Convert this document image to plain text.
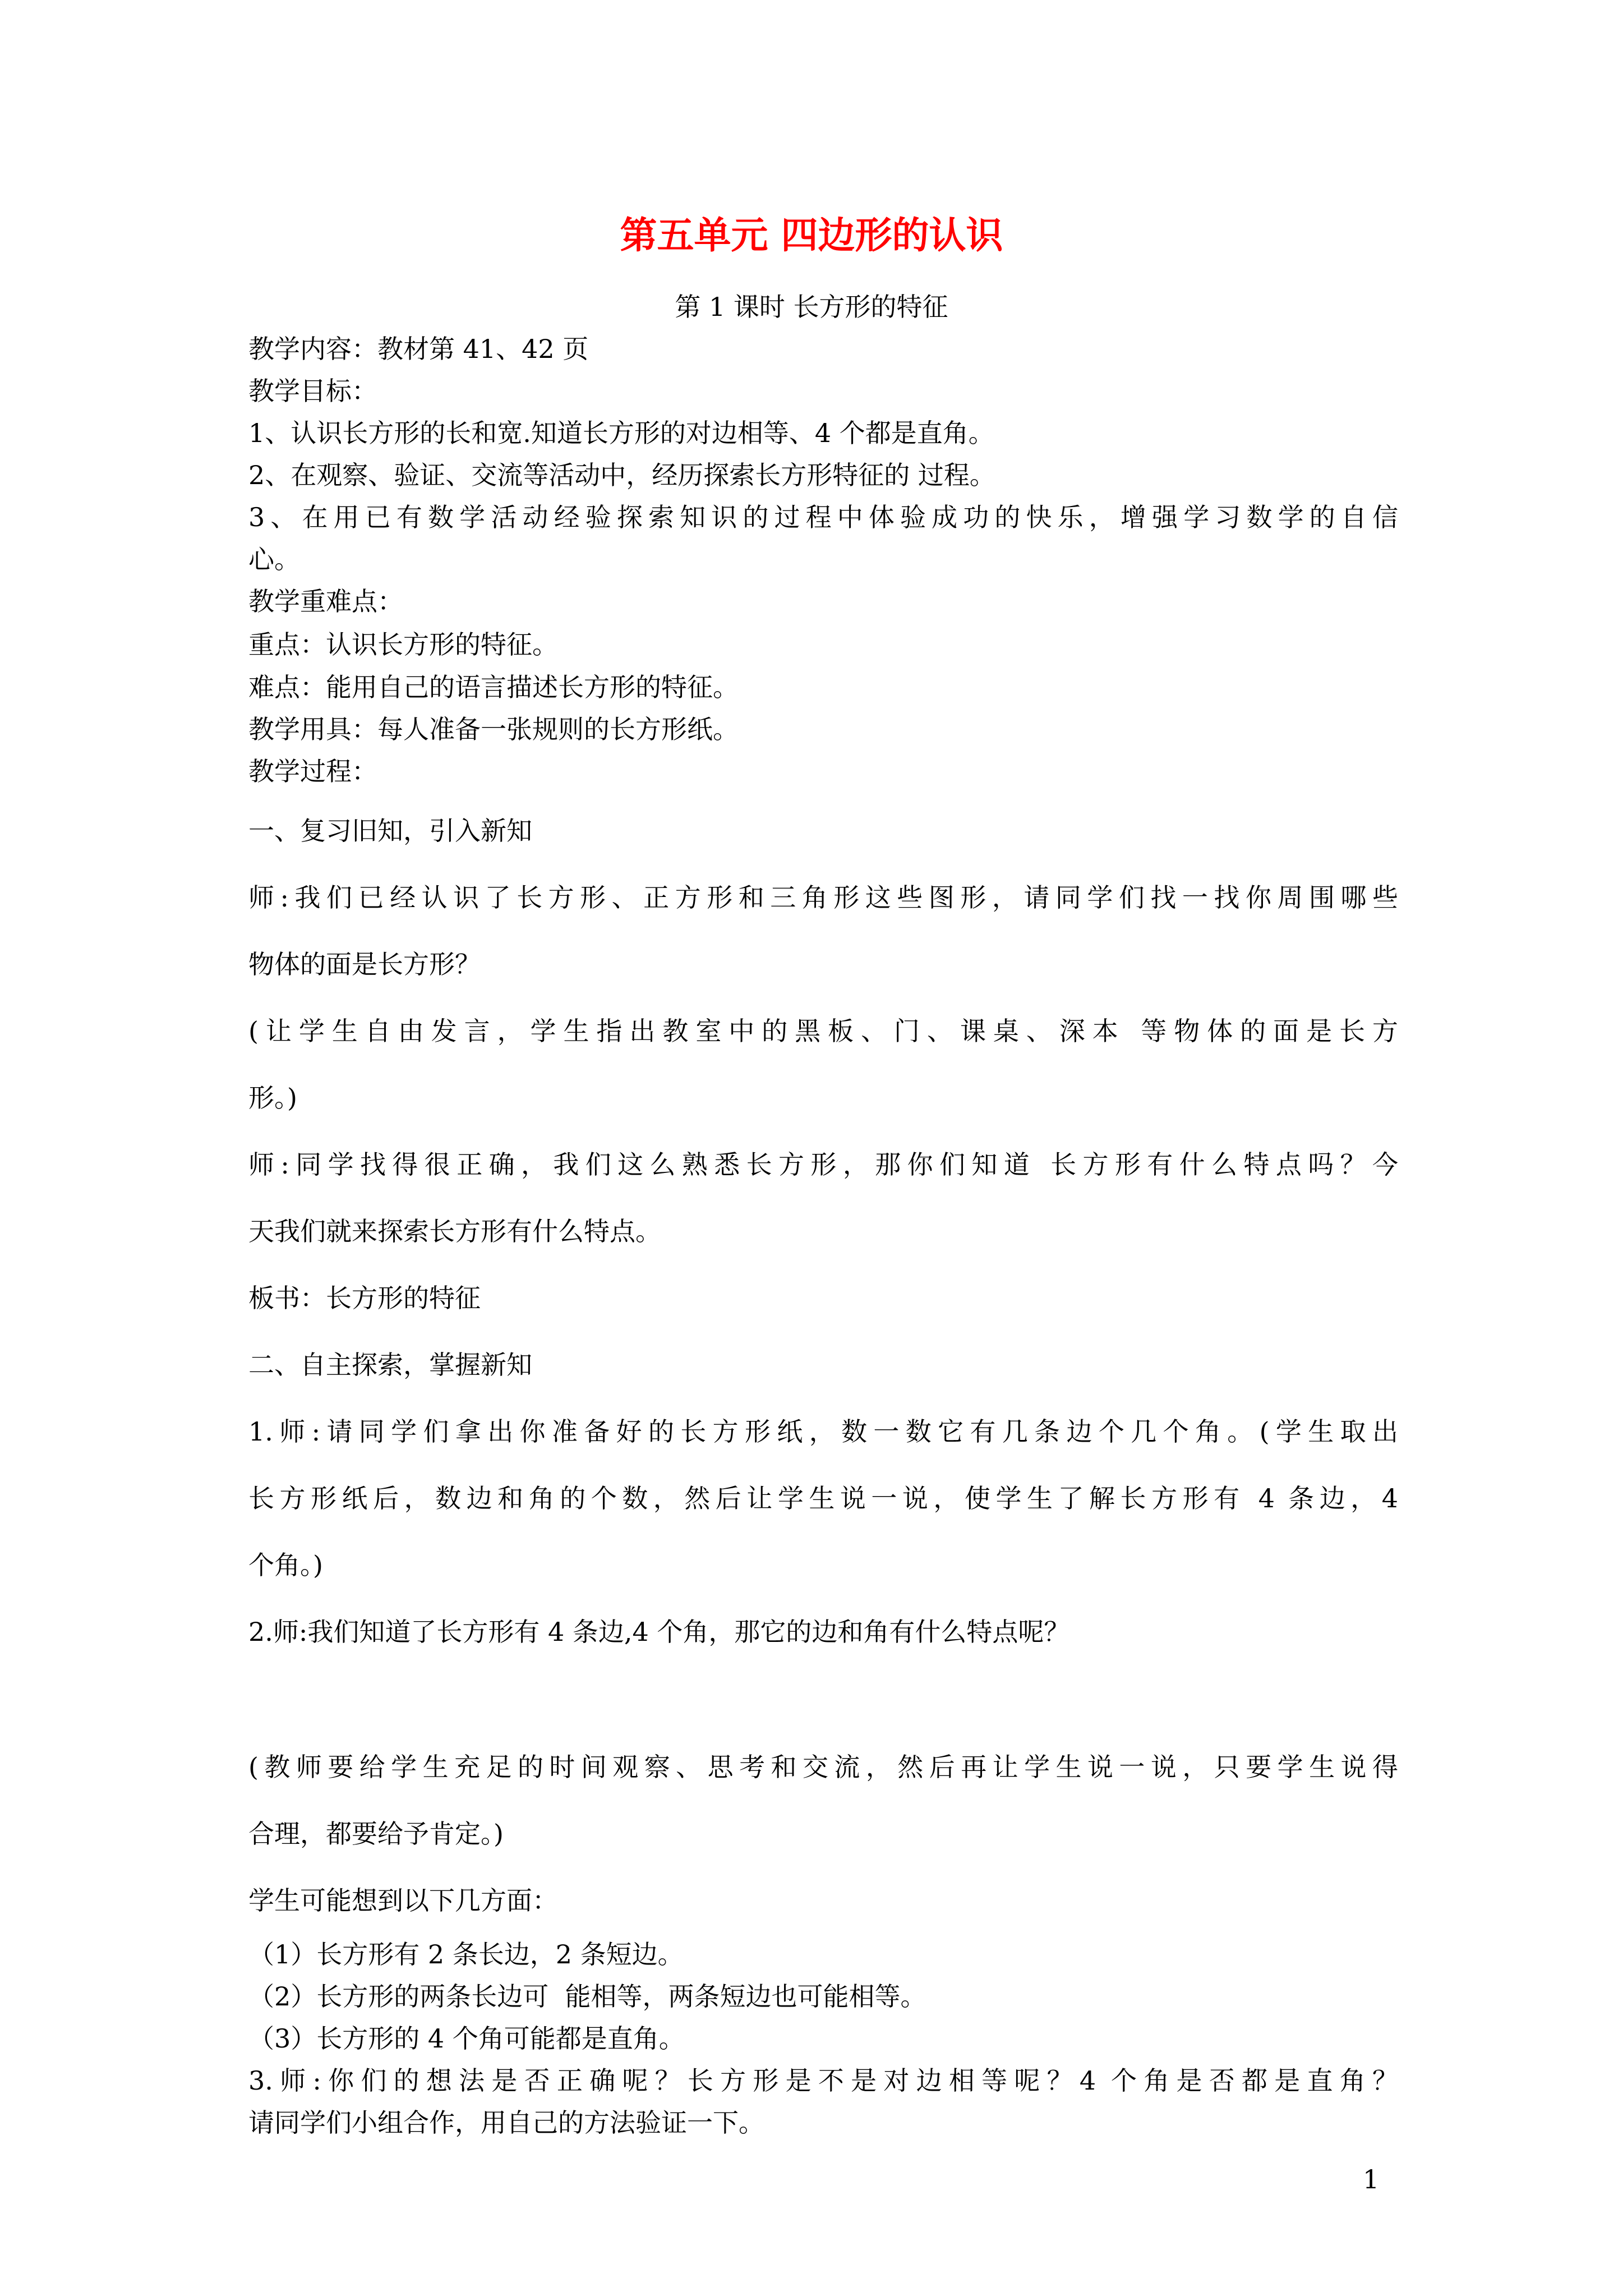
第五单元 四边形的认识
第 1 课时 长方形的特征
教学内容：教材第 41、42 页
教学目标：
1、认识长方形的长和宽.知道长方形的对边相等、4 个都是直角。
2、在观察、验证、交流等活动中，经历探索长方形特征的 过程。
3、在用已有数学活动经验探索知识的过程中体验成功的快乐，增强学习数学的自信
心。
教学重难点：
重点：认识长方形的特征。
难点：能用自己的语言描述长方形的特征。
教学用具：每人准备一张规则的长方形纸。
教学过程：
一、复习旧知，引入新知
师:我们已经认识了长方形、正方形和三角形这些图形，请同学们找一找你周围哪些
物体的面是长方形？
(让学生自由发言，学生指出教室中的黑板、门、课桌、深本 等物体的面是长方
形。)
师:同学找得很正确，我们这么熟悉长方形，那你们知道 长方形有什么特点吗？今
天我们就来探索长方形有什么特点。
板书：长方形的特征
二、自主探索，掌握新知
1.师:请同学们拿出你准备好的长方形纸，数一数它有几条边个几个角。(学生取出
长方形纸后，数边和角的个数，然后让学生说一说，使学生了解长方形有 4 条边，4
个角。)
2.师:我们知道了长方形有 4 条边,4 个角，那它的边和角有什么特点呢？
(教师要给学生充足的时间观察、思考和交流，然后再让学生说一说，只要学生说得
合理，都要给予肯定。)
学生可能想到以下几方面：
（1）长方形有 2 条长边，2 条短边。
（2）长方形的两条长边可  能相等，两条短边也可能相等。
（3）长方形的 4 个角可能都是直角。
3.师:你们的想法是否正确呢？长方形是不是对边相等呢？4 个角是否都是直角？
请同学们小组合作，用自己的方法验证一下。
1
